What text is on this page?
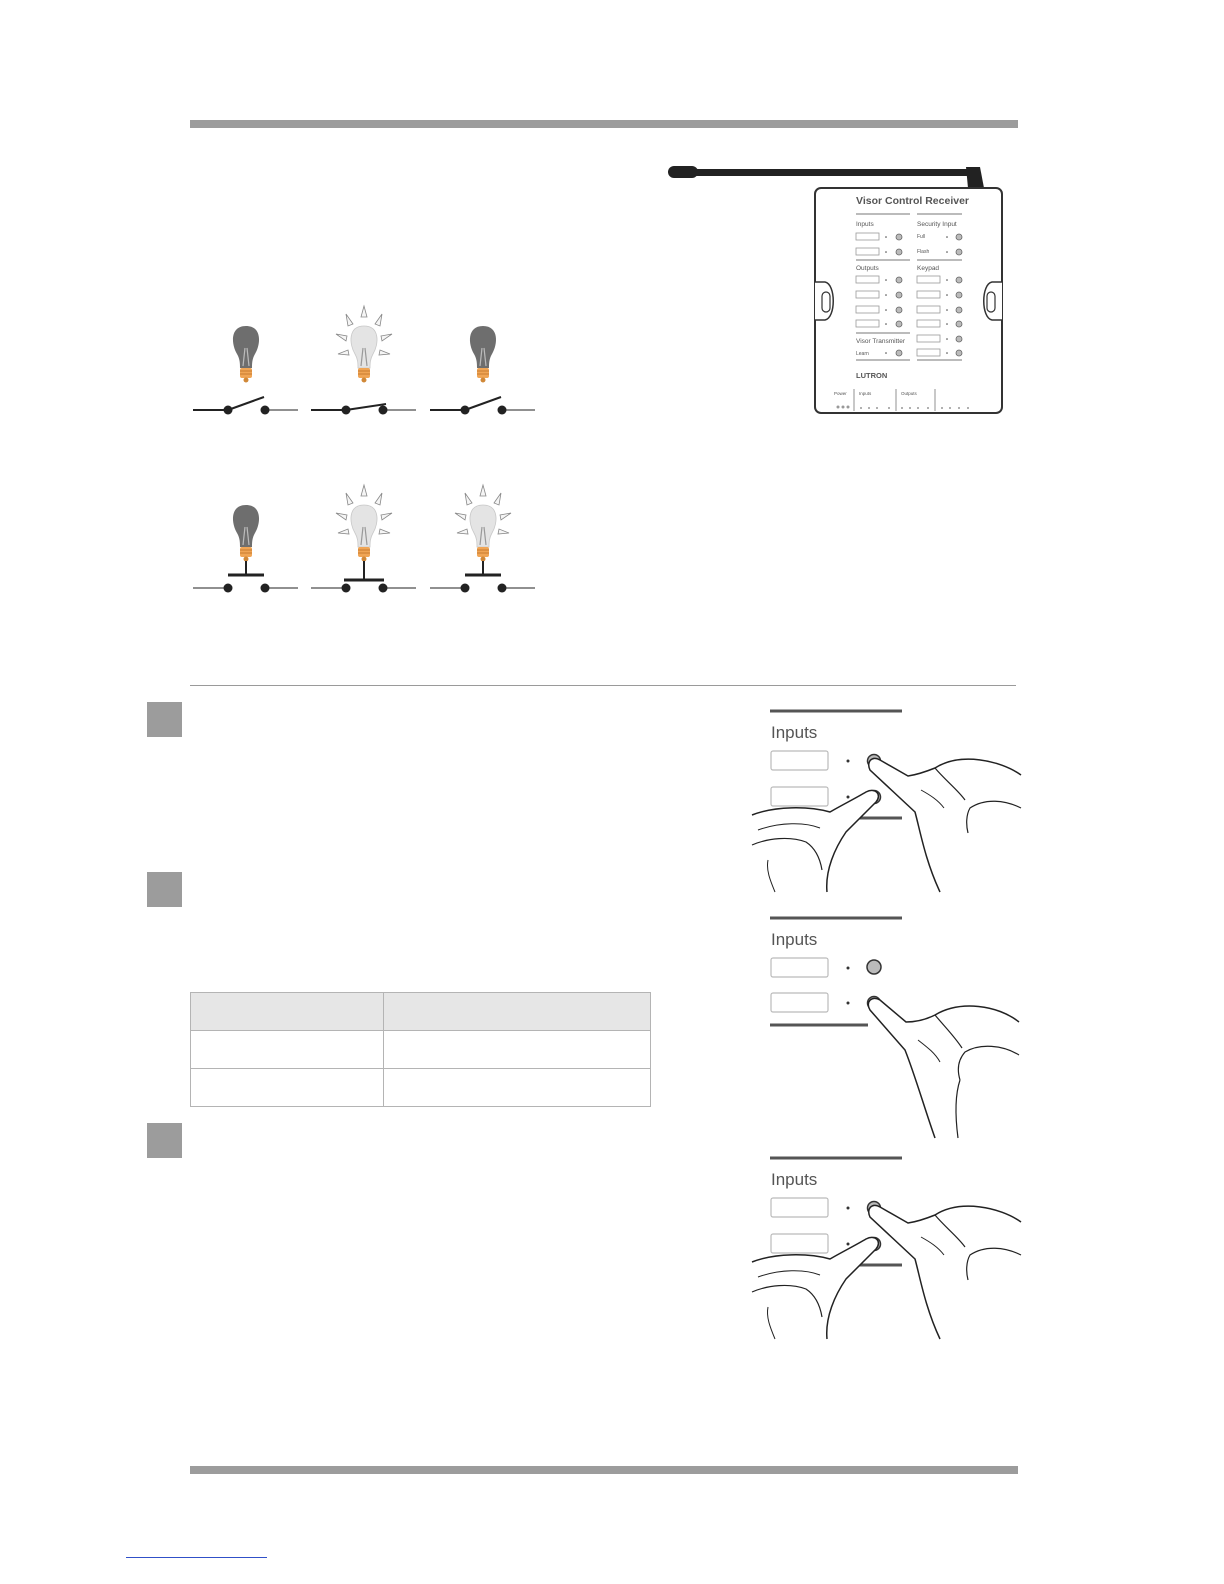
Visor Control Receiver
Inputs	Security Input
Full
Flash
Outputs	Keypad
Visor Transmitter
Learn
LUTRON
Power	Inputs	Outputs
Inputs
Inputs
Inputs
